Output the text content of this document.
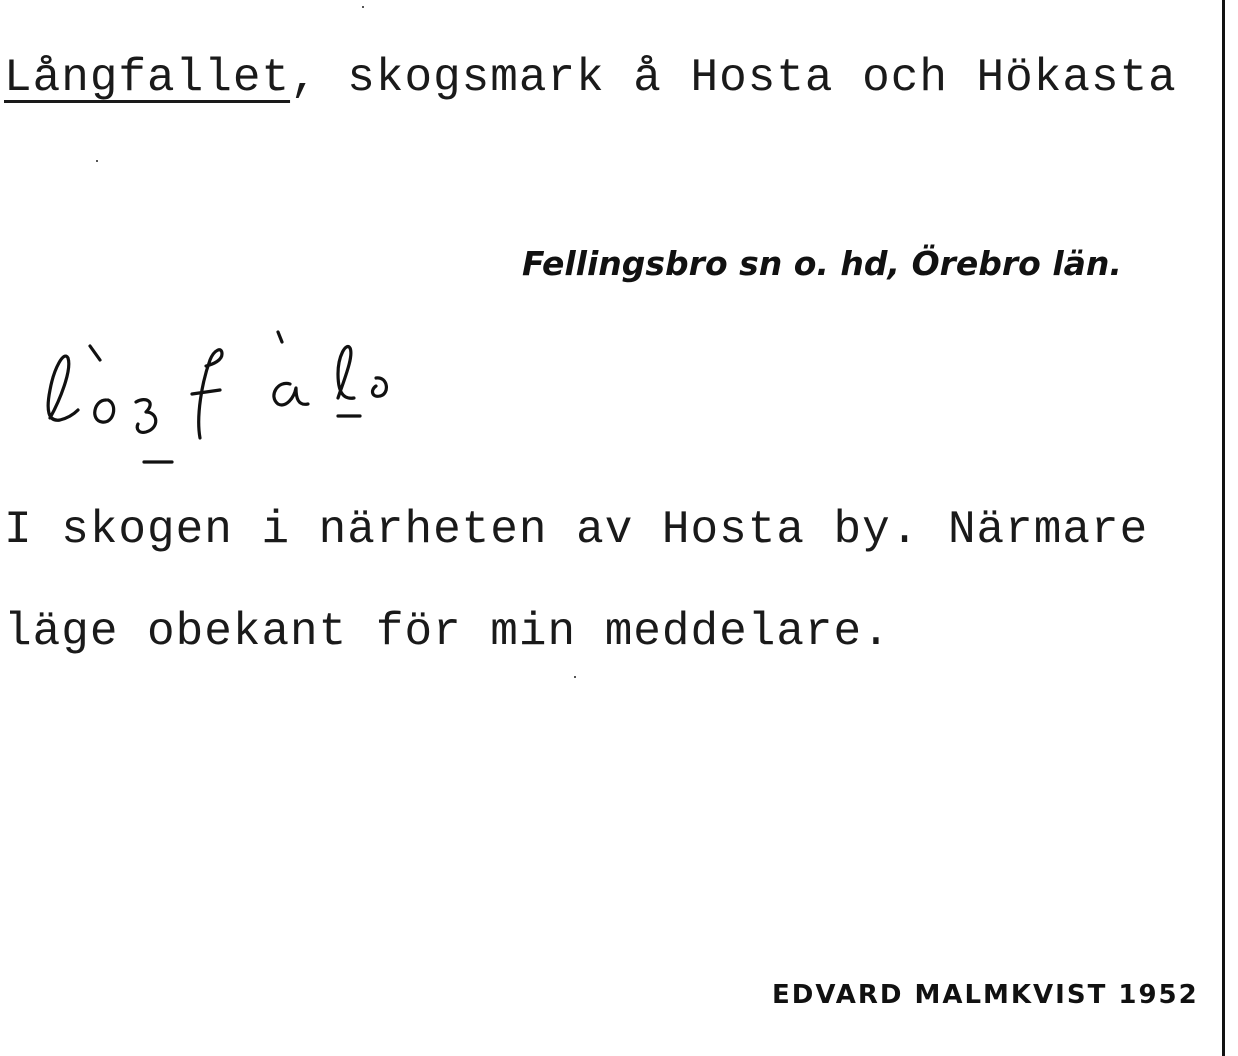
Långfallet, skogsmark å Hosta och Hökasta
Fellingsbro sn o. hd, Örebro län.
I skogen i närheten av Hosta by. Närmare
läge obekant för min meddelare.
EDVARD MALMKVIST 1952
